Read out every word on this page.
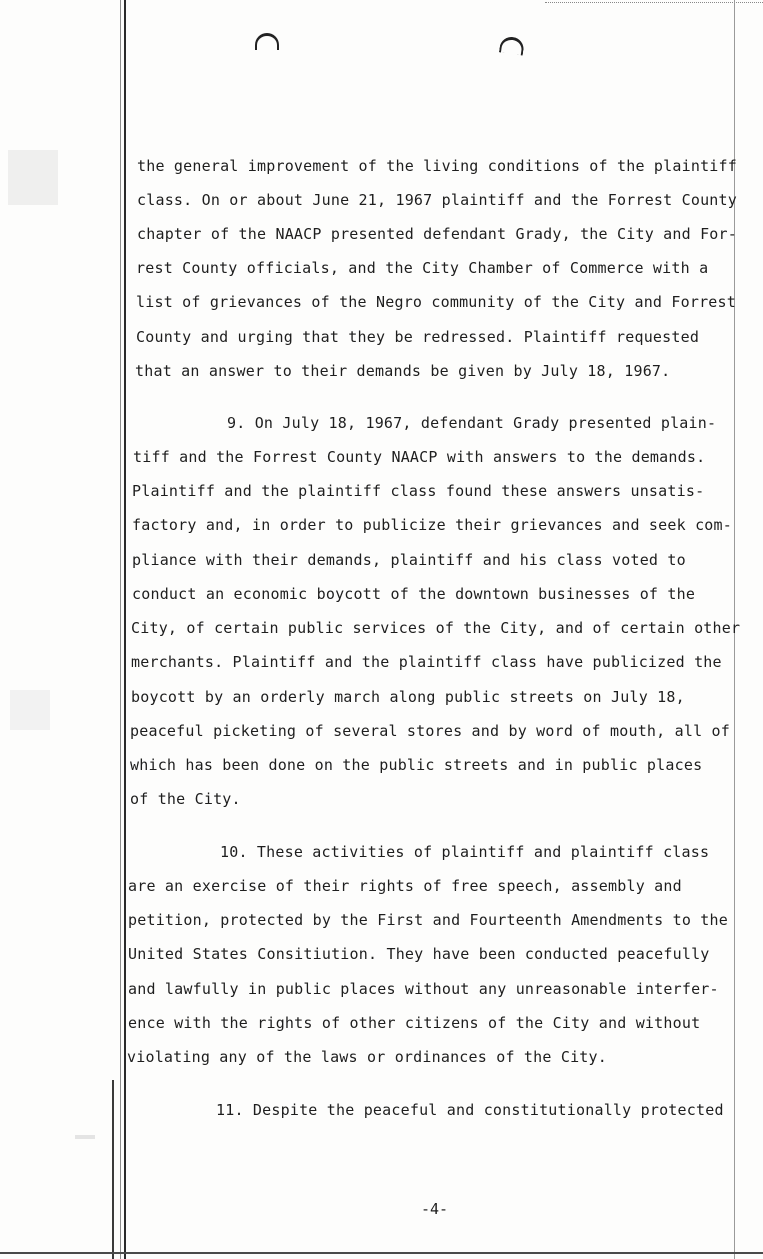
the general improvement of the living conditions of the plaintiff
class. On or about June 21, 1967 plaintiff and the Forrest County
chapter of the NAACP presented defendant Grady, the City and For-
rest County officials, and the City Chamber of Commerce with a
list of grievances of the Negro community of the City and Forrest
County and urging that they be redressed. Plaintiff requested
that an answer to their demands be given by July 18, 1967.
9. On July 18, 1967, defendant Grady presented plain-
tiff and the Forrest County NAACP with answers to the demands.
Plaintiff and the plaintiff class found these answers unsatis-
factory and, in order to publicize their grievances and seek com-
pliance with their demands, plaintiff and his class voted to
conduct an economic boycott of the downtown businesses of the
City, of certain public services of the City, and of certain other
merchants. Plaintiff and the plaintiff class have publicized the
boycott by an orderly march along public streets on July 18,
peaceful picketing of several stores and by word of mouth, all of
which has been done on the public streets and in public places
of the City.
10. These activities of plaintiff and plaintiff class
are an exercise of their rights of free speech, assembly and
petition, protected by the First and Fourteenth Amendments to the
United States Consitiution. They have been conducted peacefully
and lawfully in public places without any unreasonable interfer-
ence with the rights of other citizens of the City and without
violating any of the laws or ordinances of the City.
11. Despite the peaceful and constitutionally protected
-4-
